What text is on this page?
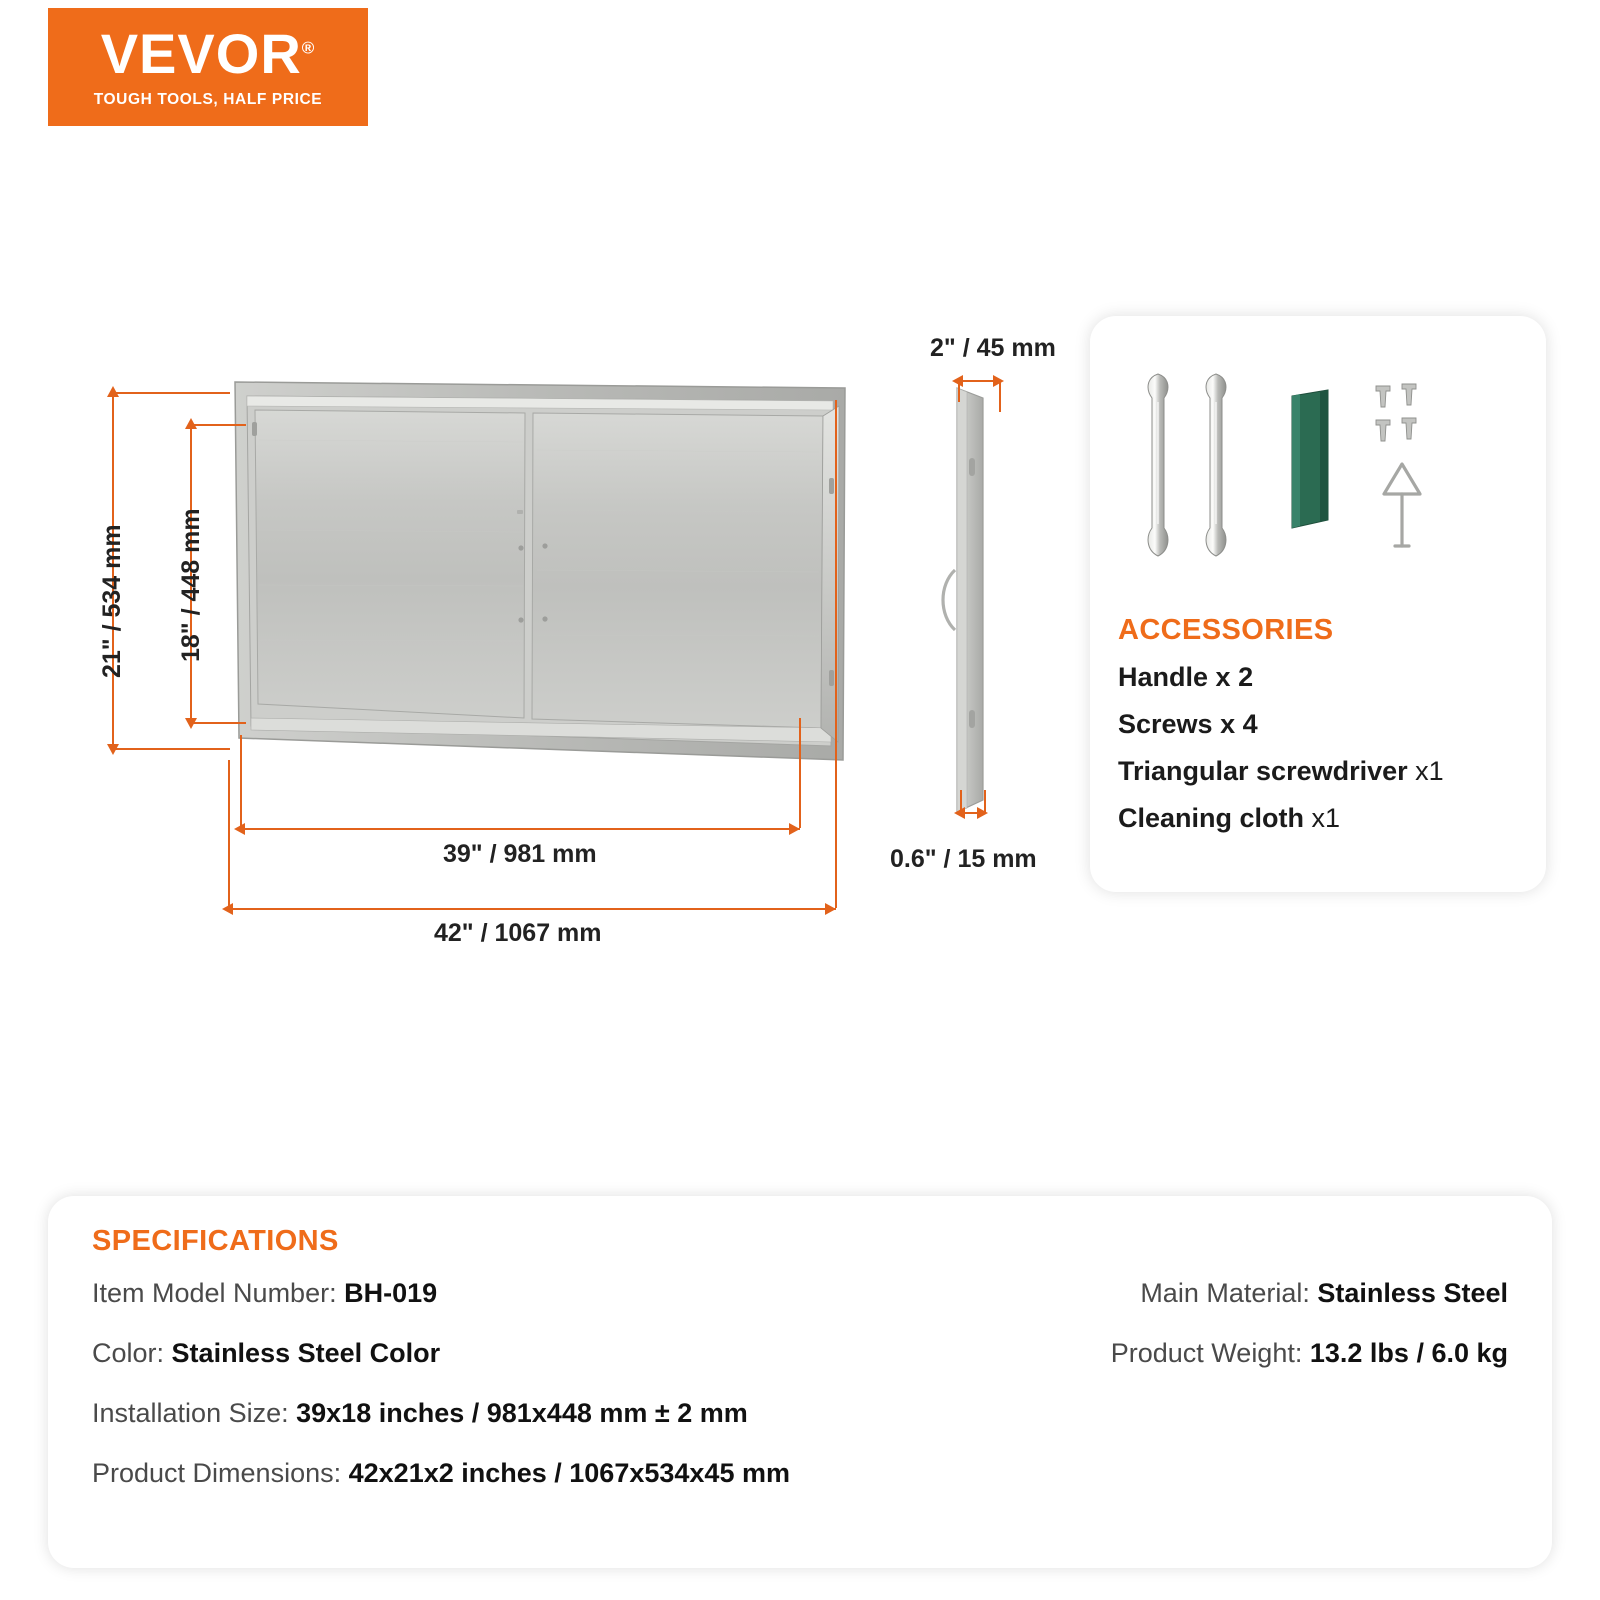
VEVOR®
TOUGH TOOLS, HALF PRICE
21" / 534 mm 18" / 448 mm
39" / 981 mm
42" / 1067 mm
2" / 45 mm
0.6" / 15 mm
ACCESSORIES
Handle x 2
Screws x 4
Triangular screwdriver x1
Cleaning cloth x1
SPECIFICATIONS
Item Model Number: BH-019
Color: Stainless Steel Color
Installation Size: 39x18 inches / 981x448 mm ± 2 mm
Product Dimensions: 42x21x2 inches / 1067x534x45 mm
Main Material: Stainless Steel
Product Weight: 13.2 lbs / 6.0 kg
